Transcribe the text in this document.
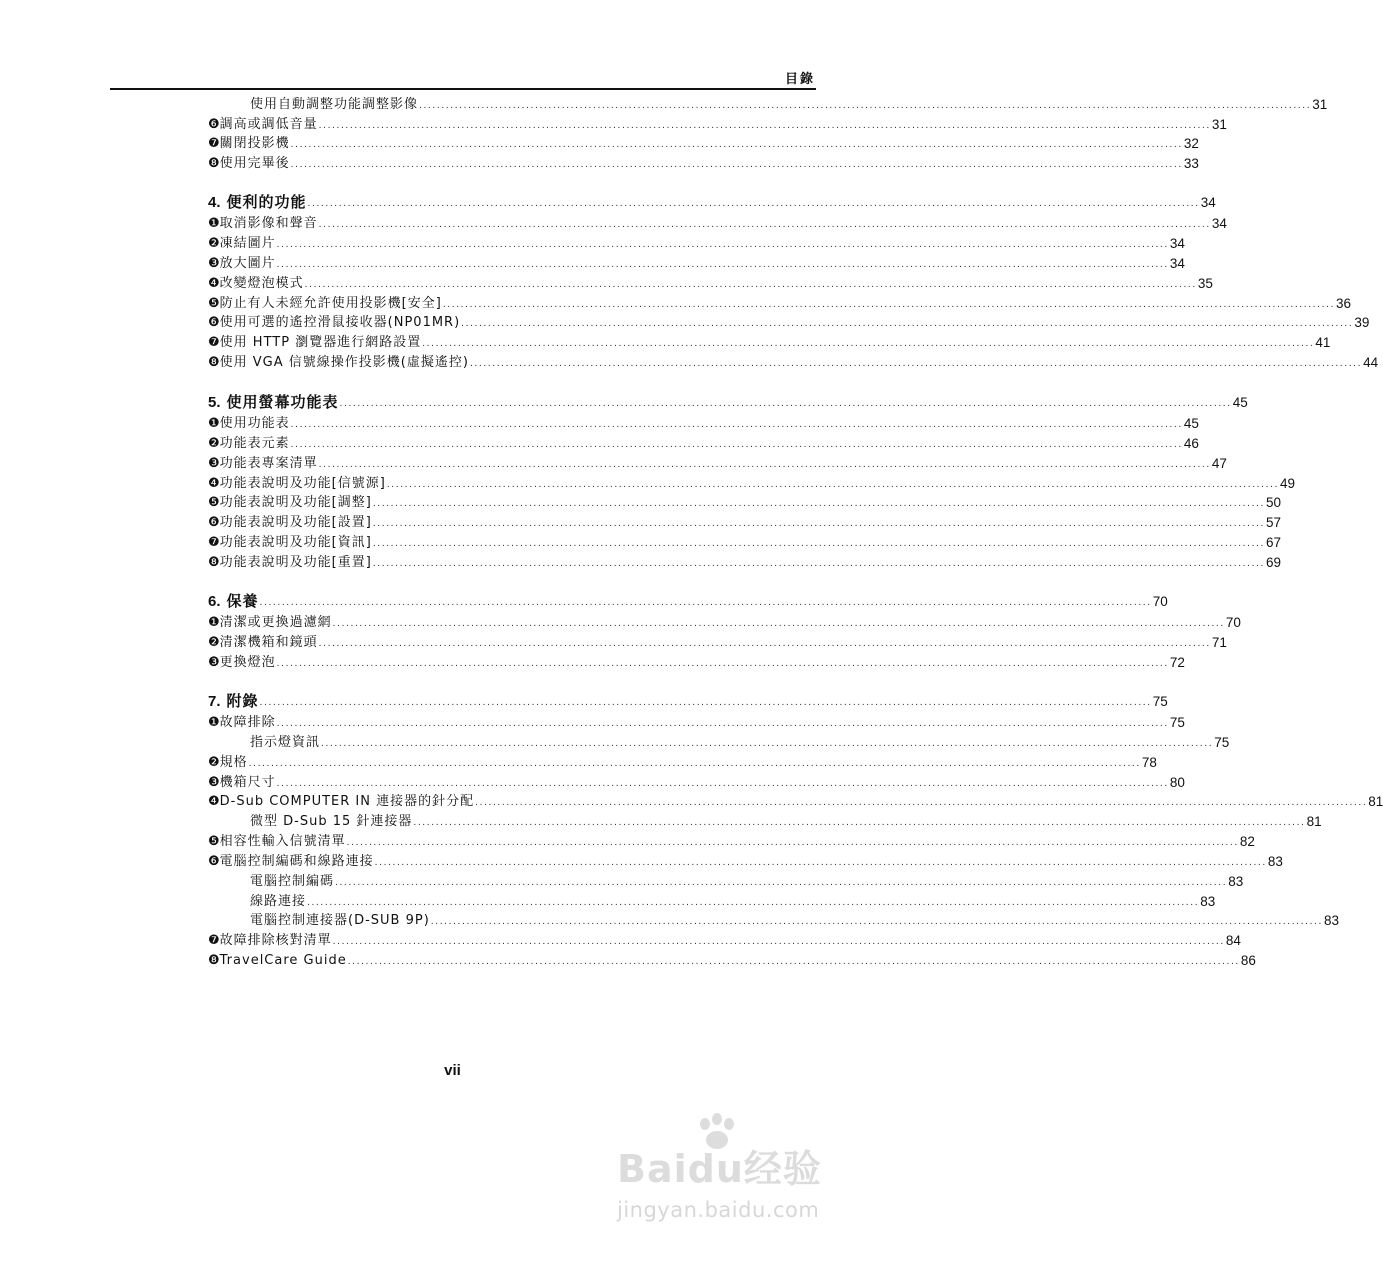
目錄
使用自動調整功能調整影像 ........................................................................................................................................................................................................ 31
❻ 調高或調低音量 ........................................................................................................................................................................................................ 31
❼ 關閉投影機 ........................................................................................................................................................................................................ 32
❽ 使用完畢後 ........................................................................................................................................................................................................ 33
4. 便利的功能 ........................................................................................................................................................................................................ 34
❶ 取消影像和聲音 ........................................................................................................................................................................................................ 34
❷ 凍結圖片 ........................................................................................................................................................................................................ 34
❸ 放大圖片 ........................................................................................................................................................................................................ 34
❹ 改變燈泡模式 ........................................................................................................................................................................................................ 35
❺ 防止有人未經允許使用投影機[安全] ........................................................................................................................................................................................................ 36
❻ 使用可選的遙控滑鼠接收器(NP01MR) ........................................................................................................................................................................................................ 39
❼ 使用 HTTP 瀏覽器進行網路設置 ........................................................................................................................................................................................................ 41
❽ 使用 VGA 信號線操作投影機(虛擬遙控) ........................................................................................................................................................................................................ 44
5. 使用螢幕功能表 ........................................................................................................................................................................................................ 45
❶ 使用功能表 ........................................................................................................................................................................................................ 45
❷ 功能表元素 ........................................................................................................................................................................................................ 46
❸ 功能表專案清單 ........................................................................................................................................................................................................ 47
❹ 功能表說明及功能[信號源] ........................................................................................................................................................................................................ 49
❺ 功能表說明及功能[調整] ........................................................................................................................................................................................................ 50
❻ 功能表說明及功能[設置] ........................................................................................................................................................................................................ 57
❼ 功能表說明及功能[資訊] ........................................................................................................................................................................................................ 67
❽ 功能表說明及功能[重置] ........................................................................................................................................................................................................ 69
6. 保養 ........................................................................................................................................................................................................ 70
❶ 清潔或更換過濾網 ........................................................................................................................................................................................................ 70
❷ 清潔機箱和鏡頭 ........................................................................................................................................................................................................ 71
❸ 更換燈泡 ........................................................................................................................................................................................................ 72
7. 附錄 ........................................................................................................................................................................................................ 75
❶ 故障排除 ........................................................................................................................................................................................................ 75
指示燈資訊 ........................................................................................................................................................................................................ 75
❷ 規格 ........................................................................................................................................................................................................ 78
❸ 機箱尺寸 ........................................................................................................................................................................................................ 80
❹ D-Sub COMPUTER IN 連接器的針分配 ........................................................................................................................................................................................................ 81
微型 D-Sub 15 針連接器 ........................................................................................................................................................................................................ 81
❺ 相容性輸入信號清單 ........................................................................................................................................................................................................ 82
❻ 電腦控制編碼和線路連接 ........................................................................................................................................................................................................ 83
電腦控制編碼 ........................................................................................................................................................................................................ 83
線路連接 ........................................................................................................................................................................................................ 83
電腦控制連接器(D-SUB 9P) ........................................................................................................................................................................................................ 83
❼ 故障排除核對清單 ........................................................................................................................................................................................................ 84
❽ TravelCare Guide ........................................................................................................................................................................................................ 86
vii
Baidu经验
jingyan.baidu.com
